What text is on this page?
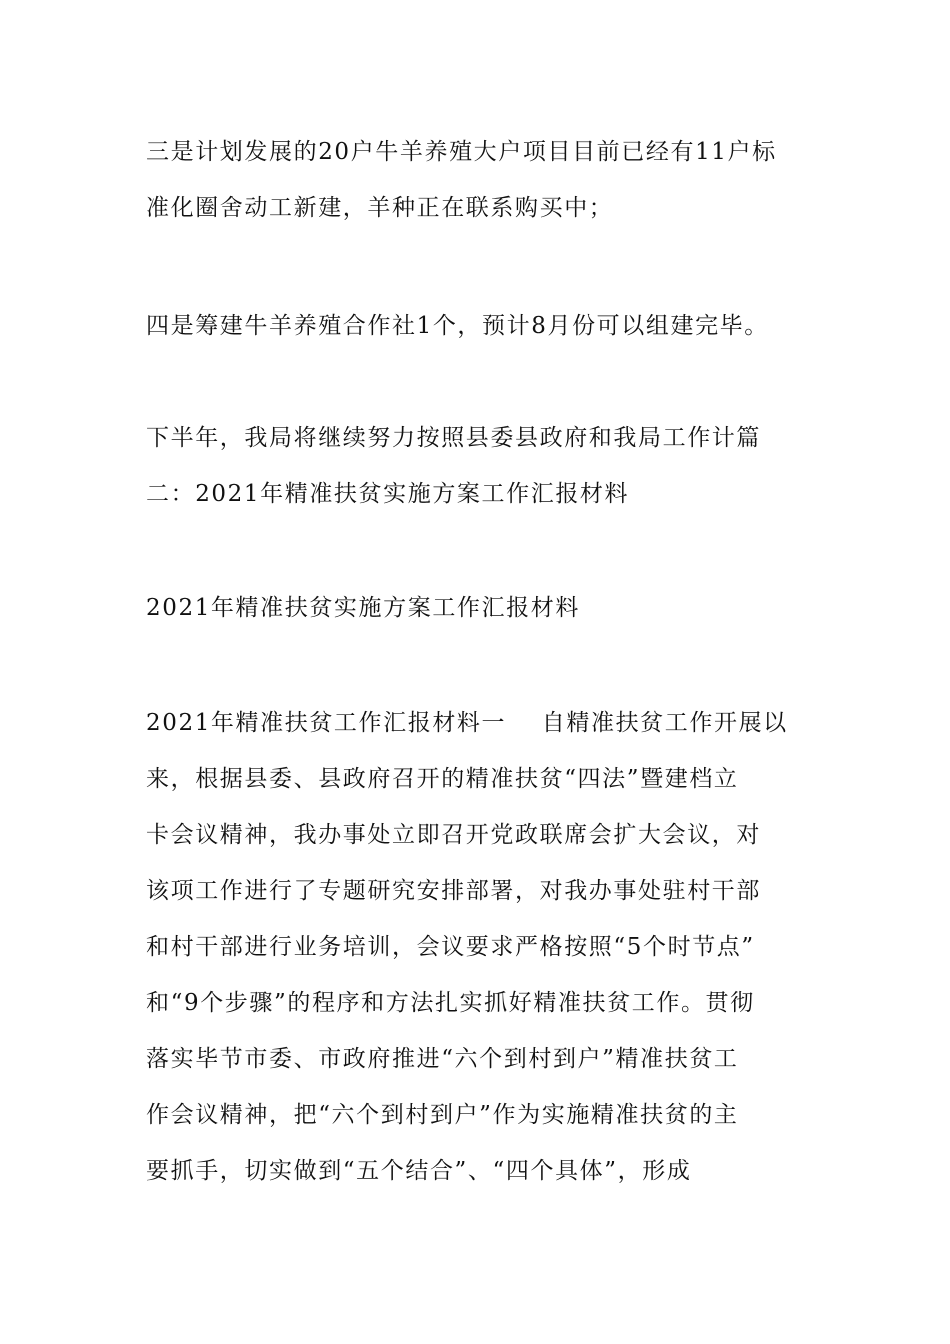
三是计划发展的20户牛羊养殖大户项目目前已经有11户标
准化圈舍动工新建，羊种正在联系购买中；
四是筹建牛羊养殖合作社1个，预计8月份可以组建完毕。
下半年，我局将继续努力按照县委县政府和我局工作计篇
二：2021年精准扶贫实施方案工作汇报材料
2021年精准扶贫实施方案工作汇报材料
2021年精准扶贫工作汇报材料一    自精准扶贫工作开展以
来，根据县委、县政府召开的精准扶贫“四法”暨建档立
卡会议精神，我办事处立即召开党政联席会扩大会议，对
该项工作进行了专题研究安排部署，对我办事处驻村干部
和村干部进行业务培训，会议要求严格按照“5个时节点”
和“9个步骤”的程序和方法扎实抓好精准扶贫工作。贯彻
落实毕节市委、市政府推进“六个到村到户”精准扶贫工
作会议精神，把“六个到村到户”作为实施精准扶贫的主
要抓手，切实做到“五个结合”、“四个具体”，形成
